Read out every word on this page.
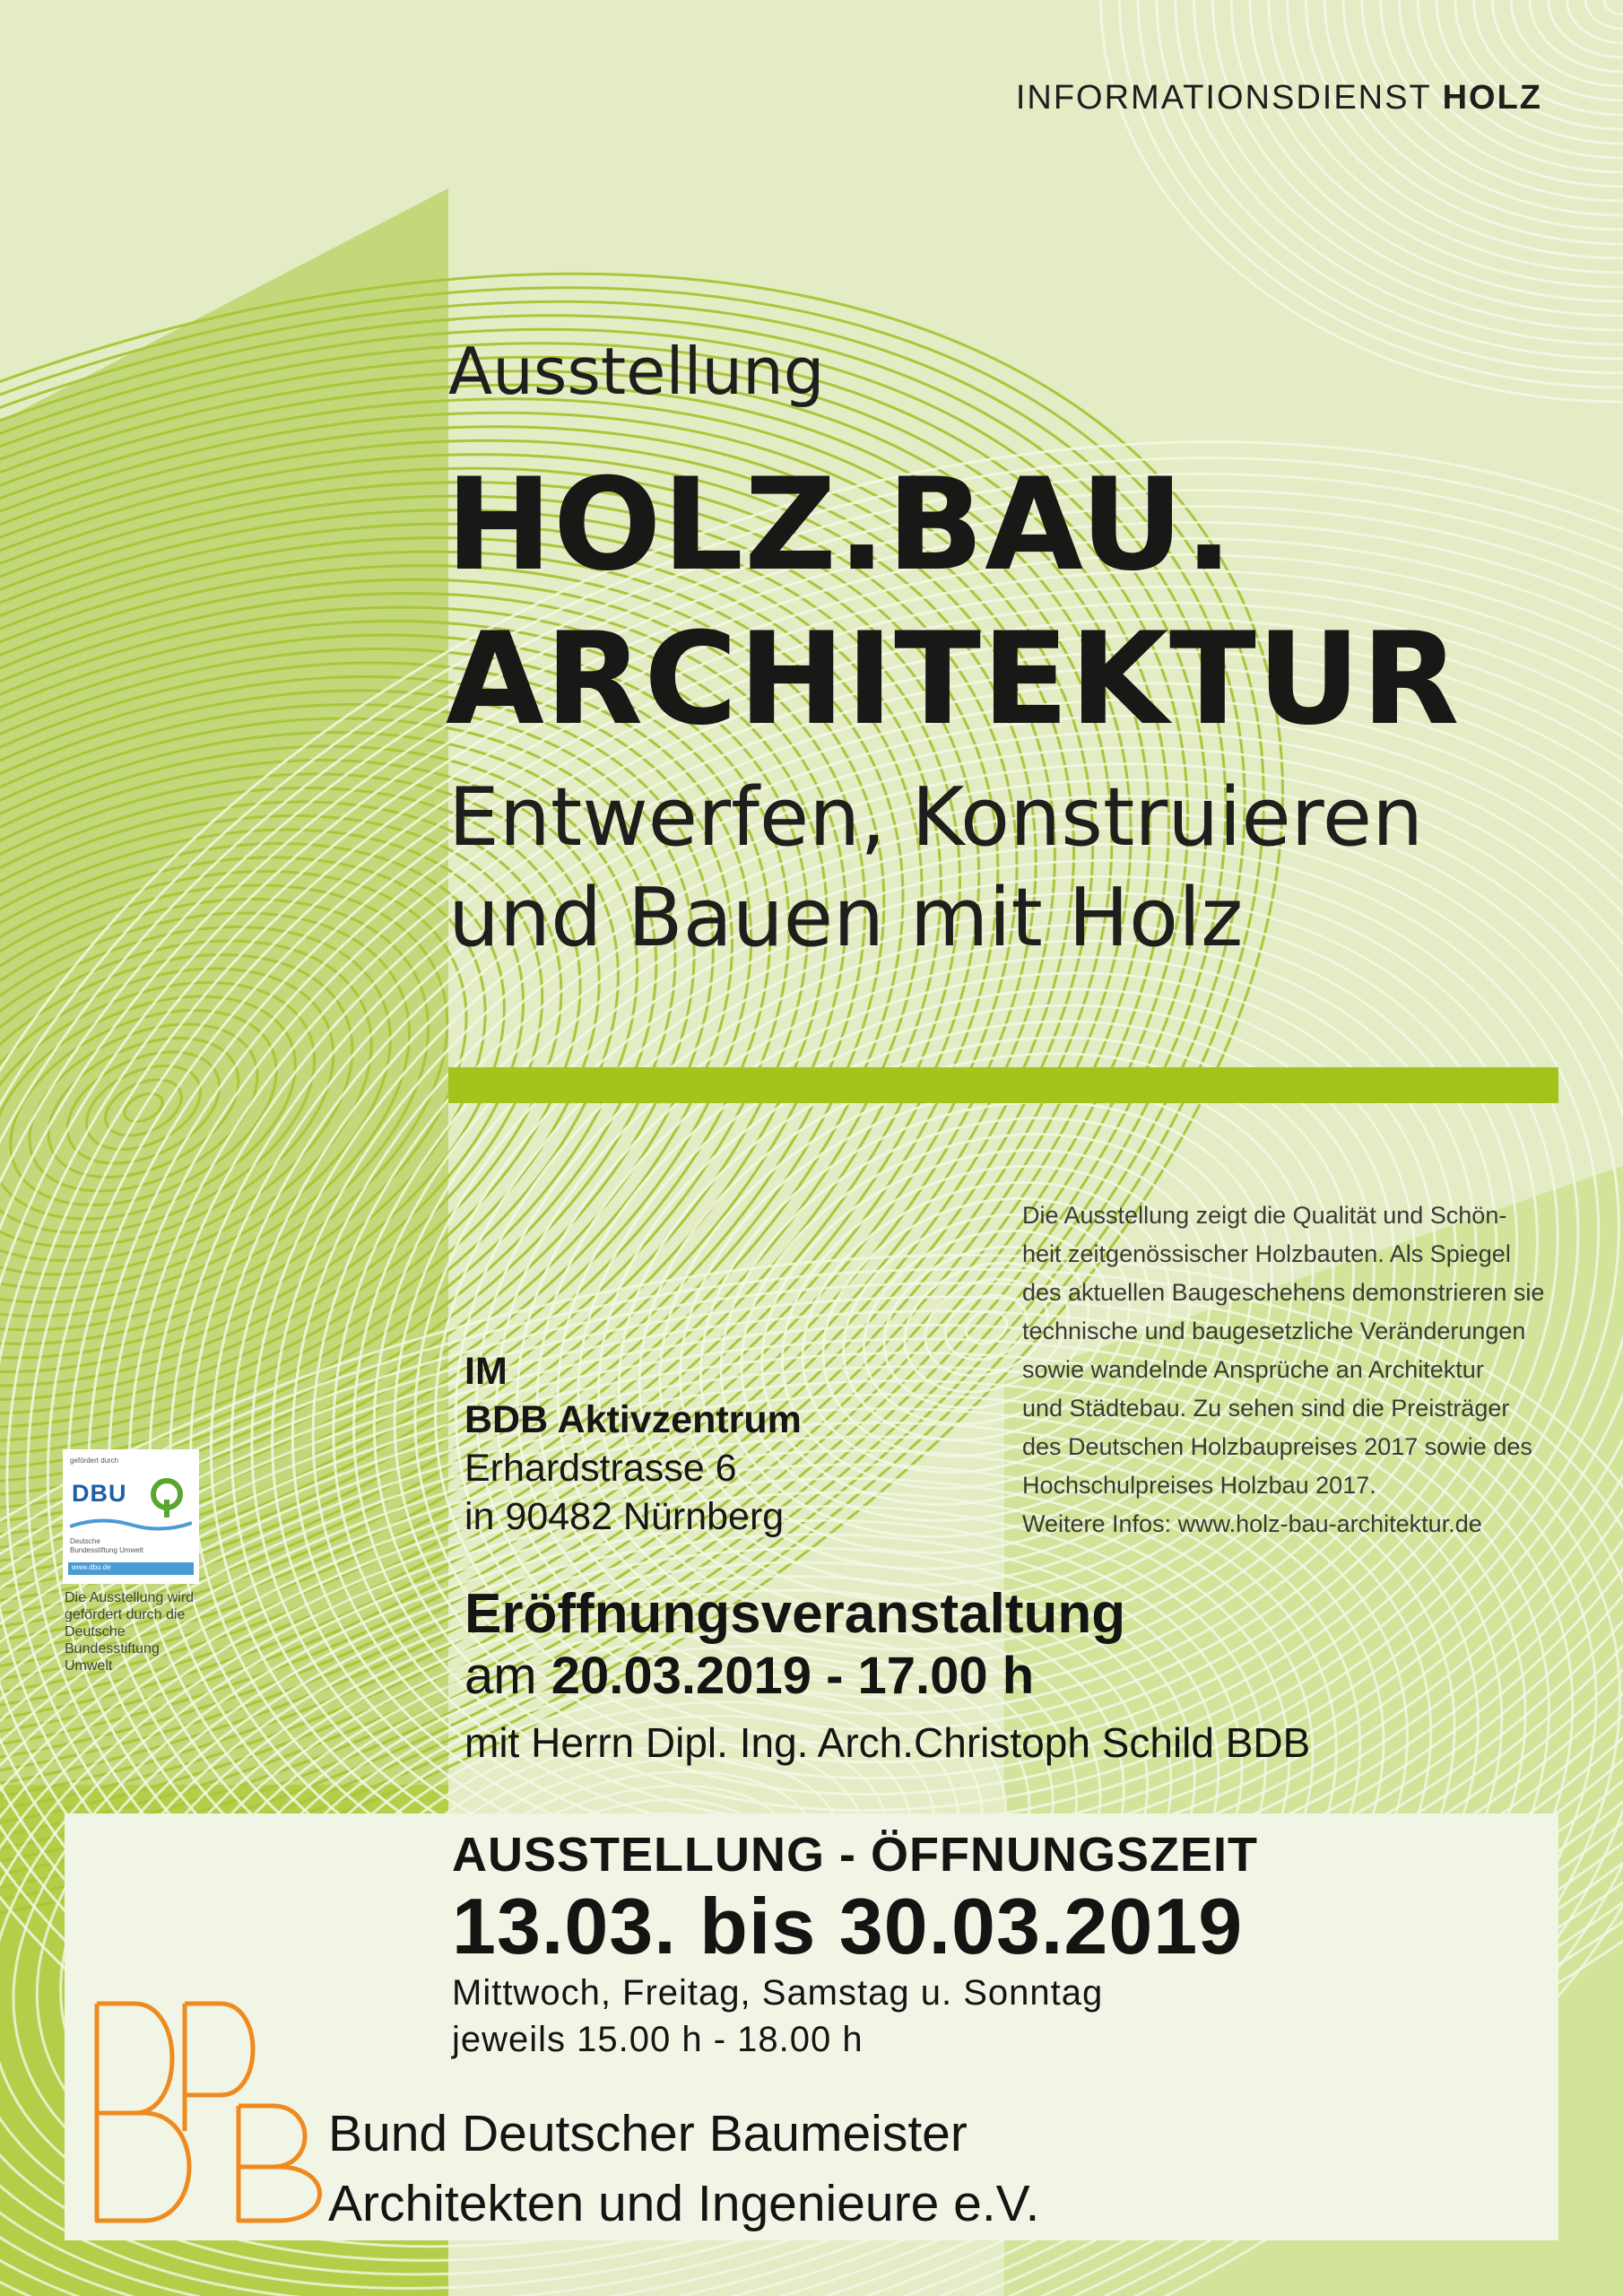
INFORMATIONSDIENST HOLZ
Ausstellung
HOLZ.BAU.
ARCHITEKTUR
Entwerfen, Konstruieren
und Bauen mit Holz

Die Ausstellung zeigt die Qualität und Schön-

heit zeitgenössischer Holzbauten. Als Spiegel

des aktuellen Baugeschehens demonstrieren sie

technische und baugesetzliche Veränderungen

sowie wandelnde Ansprüche an Architektur

und Städtebau. Zu sehen sind die Preisträger

des Deutschen Holzbaupreises 2017 sowie des

Hochschulpreises Holzbau 2017.

Weitere Infos: www.holz-bau-architektur.de

IM
BDB Aktivzentrum
Erhardstrasse 6
in 90482 Nürnberg
Eröffnungsveranstaltung
am 20.03.2019 - 17.00 h
mit Herrn Dipl. Ing. Arch.Christoph Schild BDB
gefördert durch
DBU
Deutsche
Bundesstiftung Umwelt
www.dbu.de
Die Ausstellung wird gefördert durch die Deutsche Bundesstiftung Umwelt
AUSSTELLUNG - ÖFFNUNGSZEIT
13.03. bis 30.03.2019
Mittwoch, Freitag, Samstag u. Sonntag
jeweils 15.00 h - 18.00 h
Bund Deutscher Baumeister
Architekten und Ingenieure e.V.
